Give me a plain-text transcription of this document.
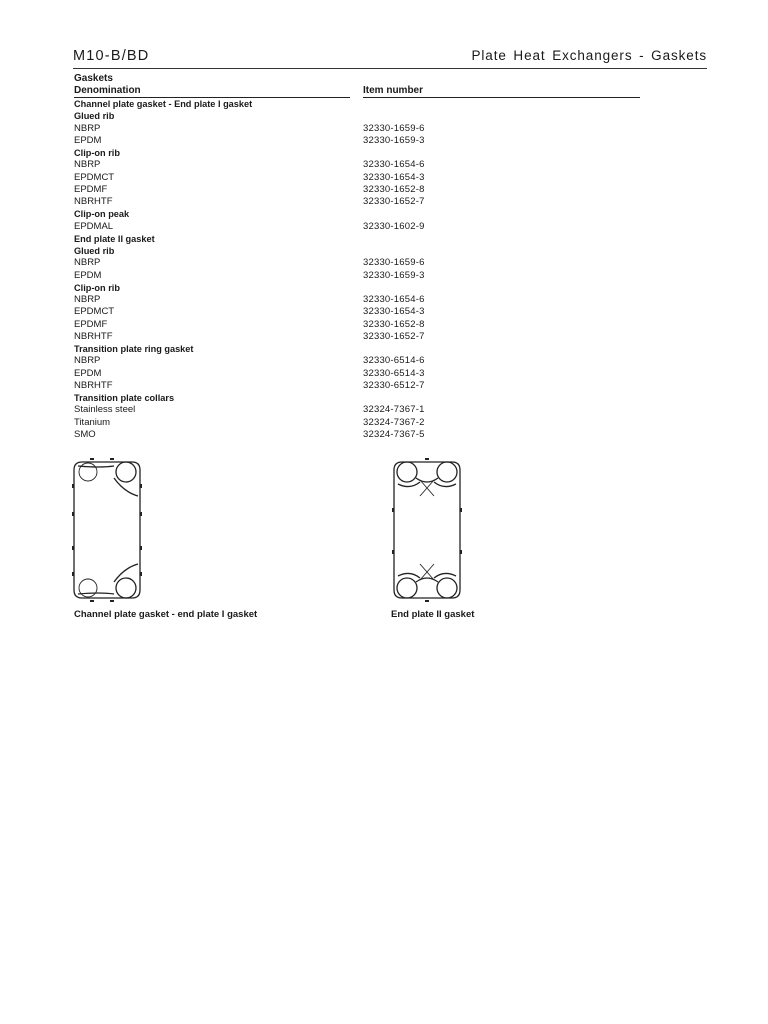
M10-B/BD	Plate Heat Exchangers - Gaskets
Gaskets
Denomination	Item number
Channel plate gasket - End plate I gasket
Glued rib
NBRP	32330-1659-6
EPDM	32330-1659-3
Clip-on rib
NBRP	32330-1654-6
EPDMCT	32330-1654-3
EPDMF	32330-1652-8
NBRHTF	32330-1652-7
Clip-on peak
EPDMAL	32330-1602-9
End plate II gasket
Glued rib
NBRP	32330-1659-6
EPDM	32330-1659-3
Clip-on rib
NBRP	32330-1654-6
EPDMCT	32330-1654-3
EPDMF	32330-1652-8
NBRHTF	32330-1652-7
Transition plate ring gasket
NBRP	32330-6514-6
EPDM	32330-6514-3
NBRHTF	32330-6512-7
Transition plate collars
Stainless steel	32324-7367-1
Titanium	32324-7367-2
SMO	32324-7367-5
Channel plate gasket - end plate I gasket	End plate II gasket
